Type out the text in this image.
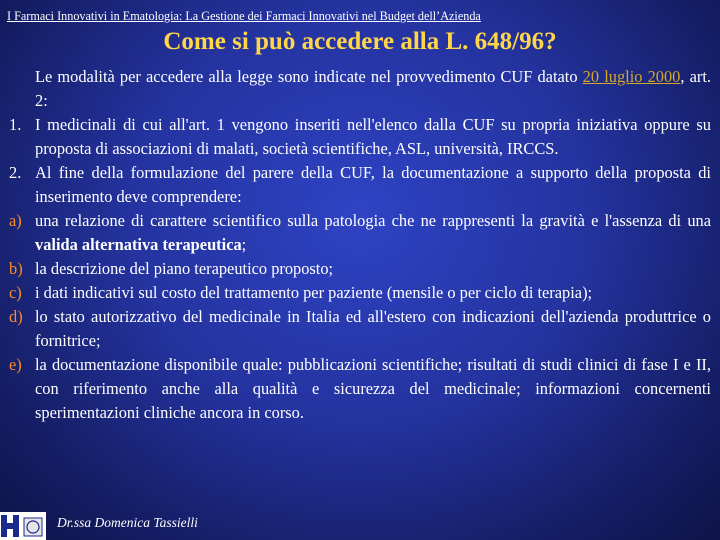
I Farmaci Innovativi in Ematologia: La Gestione dei Farmaci Innovativi nel Budget dell’Azienda
Come si può accedere alla L. 648/96?

Le modalità per accedere alla legge sono indicate nel provvedimento CUF datato 20 luglio 2000, art. 2:

1. I medicinali di cui all'art. 1 vengono inseriti nell'elenco dalla CUF su propria iniziativa oppure su proposta di associazioni di malati, società scientifiche, ASL, università, IRCCS.
2. Al fine della formulazione del parere della CUF, la documentazione a supporto della proposta di inserimento deve comprendere:
a) una relazione di carattere scientifico sulla patologia che ne rappresenti la gravità e l'assenza di una valida alternativa terapeutica;
b) la descrizione del piano terapeutico proposto;
c) i dati indicativi sul costo del trattamento per paziente (mensile o per ciclo di terapia);
d) lo stato autorizzativo del medicinale in Italia ed all'estero con indicazioni dell'azienda produttrice o fornitrice;
e) la documentazione disponibile quale: pubblicazioni scientifiche; risultati di studi clinici di fase I e II, con riferimento anche alla qualità e sicurezza del medicinale; informazioni concernenti sperimentazioni cliniche ancora in corso.
Dr.ssa Domenica Tassielli
